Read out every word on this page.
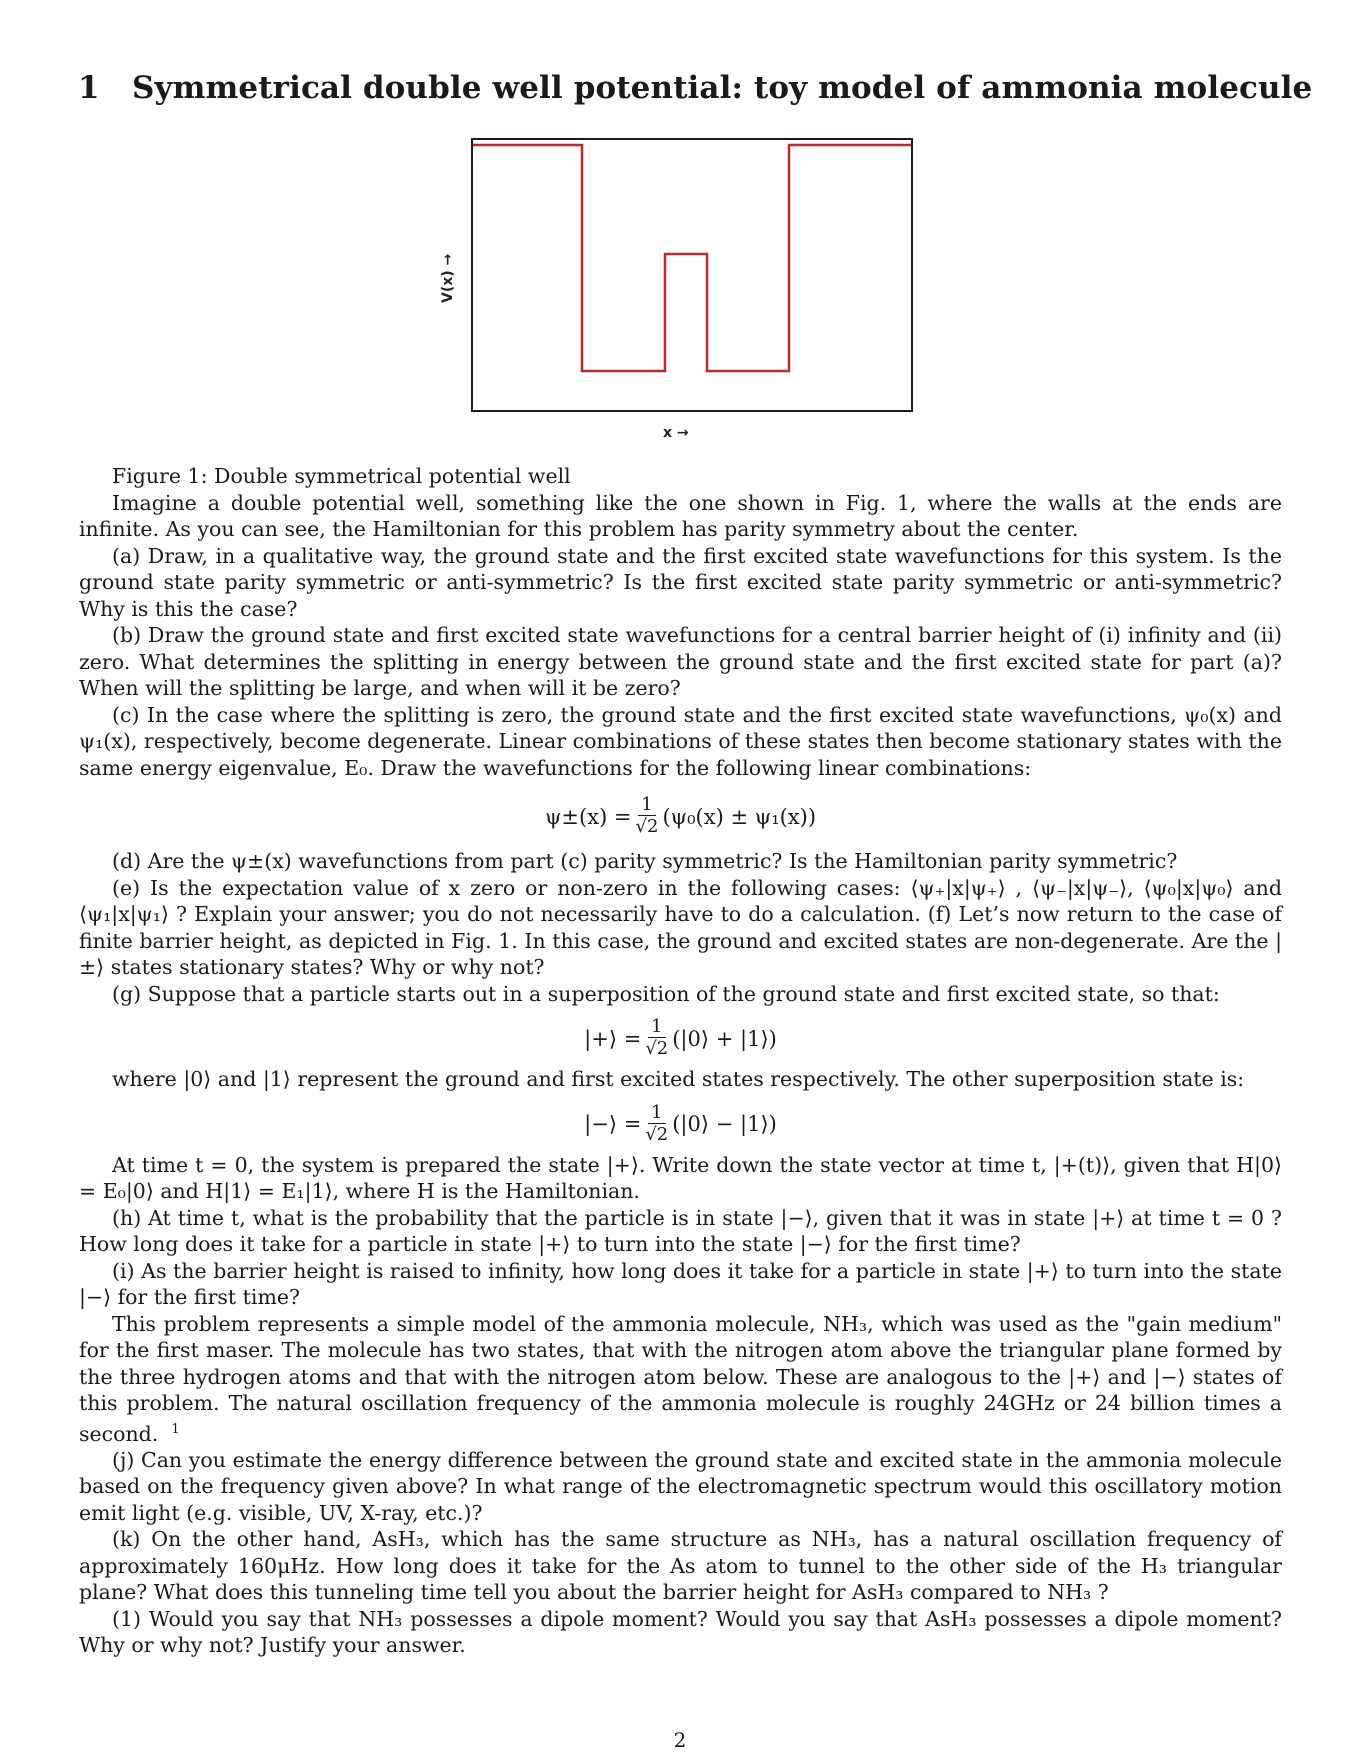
1 Symmetrical double well potential: toy model of ammonia molecule
V(x) →
x →

Figure 1: Double symmetrical potential well

Imagine a double potential well, something like the one shown in Fig. 1, where the walls at the ends are infinite. As you can see, the Hamiltonian for this problem has parity symmetry about the center.

(a) Draw, in a qualitative way, the ground state and the first excited state wavefunctions for this system. Is the ground state parity symmetric or anti-symmetric? Is the first excited state parity symmetric or anti-symmetric? Why is this the case?

(b) Draw the ground state and first excited state wavefunctions for a central barrier height of (i) infinity and (ii) zero. What determines the splitting in energy between the ground state and the first excited state for part (a)? When will the splitting be large, and when will it be zero?

(c) In the case where the splitting is zero, the ground state and the first excited state wavefunctions, ψ₀(x) and ψ₁(x), respectively, become degenerate. Linear combinations of these states then become stationary states with the same energy eigenvalue, E₀. Draw the wavefunctions for the following linear combinations:

$\psi\pm(x) = \frac{1}{√2} (\psi_0(x) \pm \psi_1(x))$

(d) Are the ψ±(x) wavefunctions from part (c) parity symmetric? Is the Hamiltonian parity symmetric?

(e) Is the expectation value of x zero or non-zero in the following cases: ⟨ψ₊|x|ψ₊⟩ , ⟨ψ₋|x|ψ₋⟩, ⟨ψ₀|x|ψ₀⟩ and ⟨ψ₁|x|ψ₁⟩ ? Explain your answer; you do not necessarily have to do a calculation. (f) Let’s now return to the case of finite barrier height, as depicted in Fig. 1. In this case, the ground and excited states are non-degenerate. Are the |±⟩ states stationary states? Why or why not?

(g) Suppose that a particle starts out in a superposition of the ground state and first excited state, so that:

|+⟩ = $\frac{1}{√2}$ (|0⟩ + |1⟩)

where |0⟩ and |1⟩ represent the ground and first excited states respectively. The other superposition state is:

|−⟩ = $\frac{1}{√2}$ (|0⟩ − |1⟩)

At time t = 0, the system is prepared the state |+⟩. Write down the state vector at time t, |+(t)⟩, given that H|0⟩ = E₀|0⟩ and H|1⟩ = E₁|1⟩, where H is the Hamiltonian.

(h) At time t, what is the probability that the particle is in state |−⟩, given that it was in state |+⟩ at time t = 0 ? How long does it take for a particle in state |+⟩ to turn into the state |−⟩ for the first time?

(i) As the barrier height is raised to infinity, how long does it take for a particle in state |+⟩ to turn into the state |−⟩ for the first time?

This problem represents a simple model of the ammonia molecule, NH₃, which was used as the "gain medium" for the first maser. The molecule has two states, that with the nitrogen atom above the triangular plane formed by the three hydrogen atoms and that with the nitrogen atom below. These are analogous to the |+⟩ and |−⟩ states of this problem. The natural oscillation frequency of the ammonia molecule is roughly 24GHz or 24 billion times a second. $^1$

(j) Can you estimate the energy difference between the ground state and excited state in the ammonia molecule based on the frequency given above? In what range of the electromagnetic spectrum would this oscillatory motion emit light (e.g. visible, UV, X-ray, etc.)?

(k) On the other hand, AsH₃, which has the same structure as NH₃, has a natural oscillation frequency of approximately 160μHz. How long does it take for the As atom to tunnel to the other side of the H₃ triangular plane? What does this tunneling time tell you about the barrier height for AsH₃ compared to NH₃ ?

(1) Would you say that NH₃ possesses a dipole moment? Would you say that AsH₃ possesses a dipole moment? Why or why not? Justify your answer.

2
